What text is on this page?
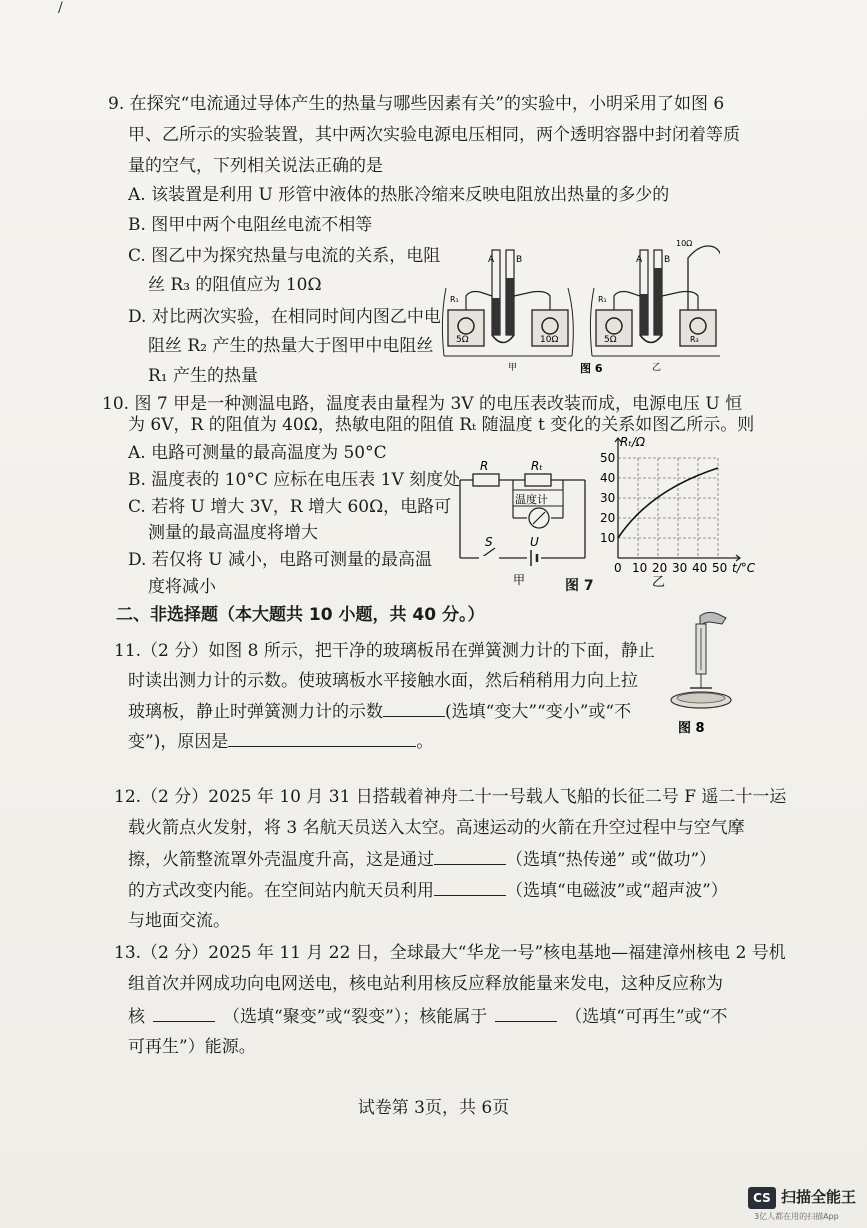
/
9. 在探究“电流通过导体产生的热量与哪些因素有关”的实验中，小明采用了如图 6
甲、乙所示的实验装置，其中两次实验电源电压相同，两个透明容器中封闭着等质
量的空气，下列相关说法正确的是
A. 该装置是利用 U 形管中液体的热胀冷缩来反映电阻放出热量的多少的
B. 图甲中两个电阻丝电流不相等
C. 图乙中为探究热量与电流的关系，电阻
丝 R₃ 的阻值应为 10Ω
D. 对比两次实验，在相同时间内图乙中电
阻丝 R₂ 产生的热量大于图甲中电阻丝
R₁ 产生的热量
A B
R₁
5Ω	10Ω
甲
A B
10Ω
R₁
5Ω	R₃
乙
图 6
10. 图 7 甲是一种测温电路，温度表由量程为 3V 的电压表改装而成，电源电压 U 恒
为 6V，R 的阻值为 40Ω，热敏电阻的阻值 Rₜ 随温度 t 变化的关系如图乙所示。则
A. 电路可测量的最高温度为 50°C
B. 温度表的 10°C 应标在电压表 1V 刻度处
C. 若将 U 增大 3V，R 增大 60Ω，电路可
测量的最高温度将增大
D. 若仅将 U 减小，电路可测量的最高温
度将减小
R	Rₜ
温度计
S	U
甲	图 7
Rₜ/Ω
10
20
30
40
50
0 10 20 30 40 50 t/°C
乙
二、非选择题（本大题共 10 小题，共 40 分。）
11.（2 分）如图 8 所示，把干净的玻璃板吊在弹簧测力计的下面，静止
时读出测力计的示数。使玻璃板水平接触水面，然后稍稍用力向上拉
玻璃板，静止时弹簧测力计的示数	(选填“变大”“变小”或“不
变”)，原因是	。
图 8
12.（2 分）2025 年 10 月 31 日搭载着神舟二十一号载人飞船的长征二号 F 遥二十一运
载火箭点火发射，将 3 名航天员送入太空。高速运动的火箭在升空过程中与空气摩
擦，火箭整流罩外壳温度升高，这是通过	（选填“热传递” 或“做功”）
的方式改变内能。在空间站内航天员利用	（选填“电磁波”或“超声波”）
与地面交流。
13.（2 分）2025 年 11 月 22 日，全球最大“华龙一号”核电基地—福建漳州核电 2 号机
组首次并网成功向电网送电，核电站利用核反应释放能量来发电，这种反应称为
核	（选填“聚变”或“裂变”）；核能属于	（选填“可再生”或“不
可再生”）能源。
试卷第 3页，共 6页
CS 扫描全能王
3亿人都在用的扫描App
